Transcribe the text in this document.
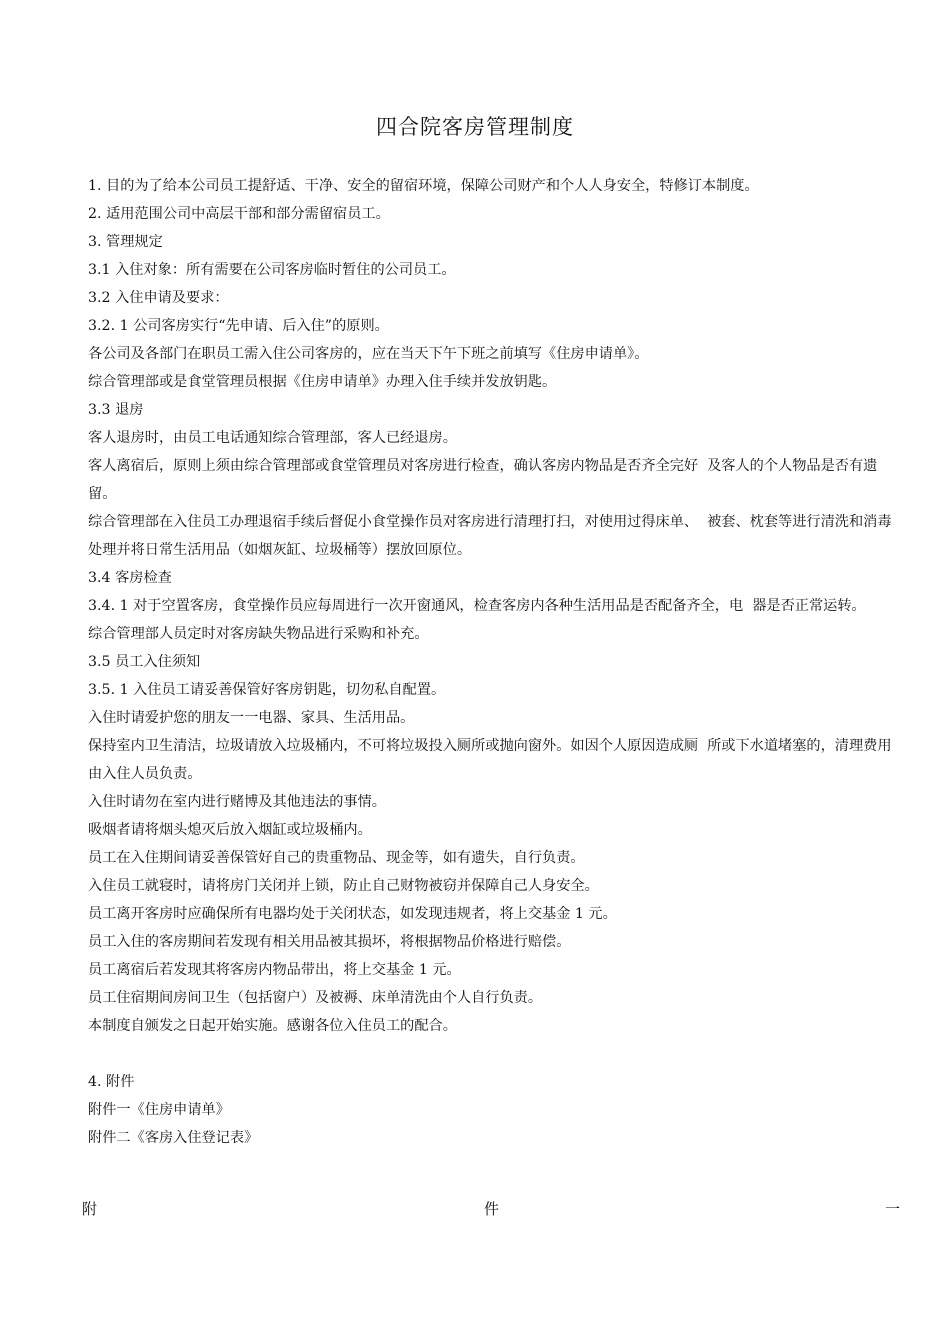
四合院客房管理制度

1. 目的为了给本公司员工提舒适、干净、安全的留宿环境，保障公司财产和个人人身安全，特修订本制度。

2. 适用范围公司中高层干部和部分需留宿员工。

3. 管理规定

3.1 入住对象：所有需要在公司客房临时暂住的公司员工。

3.2 入住申请及要求：

3.2. 1 公司客房实行“先申请、后入住”的原则。

各公司及各部门在职员工需入住公司客房的，应在当天下午下班之前填写《住房申请单》。

综合管理部或是食堂管理员根据《住房申请单》办理入住手续并发放钥匙。

3.3 退房

客人退房时，由员工电话通知综合管理部，客人已经退房。

客人离宿后，原则上须由综合管理部或食堂管理员对客房进行检查，确认客房内物品是否齐全完好  及客人的个人物品是否有遗留。

综合管理部在入住员工办理退宿手续后督促小食堂操作员对客房进行清理打扫，对使用过得床单、  被套、枕套等进行清洗和消毒处理并将日常生活用品（如烟灰缸、垃圾桶等）摆放回原位。

3.4 客房检查

3.4. 1 对于空置客房，食堂操作员应每周进行一次开窗通风，检查客房内各种生活用品是否配备齐全，电  器是否正常运转。

综合管理部人员定时对客房缺失物品进行采购和补充。

3.5 员工入住须知

3.5. 1 入住员工请妥善保管好客房钥匙，切勿私自配置。

入住时请爱护您的朋友一一电器、家具、生活用品。

保持室内卫生清洁，垃圾请放入垃圾桶内，不可将垃圾投入厕所或抛向窗外。如因个人原因造成厕  所或下水道堵塞的，清理费用由入住人员负责。

入住时请勿在室内进行赌博及其他违法的事情。

吸烟者请将烟头熄灭后放入烟缸或垃圾桶内。

员工在入住期间请妥善保管好自己的贵重物品、现金等，如有遗失，自行负责。

入住员工就寝时，请将房门关闭并上锁，防止自己财物被窃并保障自己人身安全。

员工离开客房时应确保所有电器均处于关闭状态，如发现违规者，将上交基金 1 元。

员工入住的客房期间若发现有相关用品被其损坏，将根据物品价格进行赔偿。

员工离宿后若发现其将客房内物品带出，将上交基金 1 元。

员工住宿期间房间卫生（包括窗户）及被褥、床单清洗由个人自行负责。

本制度自颁发之日起开始实施。感谢各位入住员工的配合。

4. 附件

附件一《住房申请单》

附件二《客房入住登记表》

附	件	一
